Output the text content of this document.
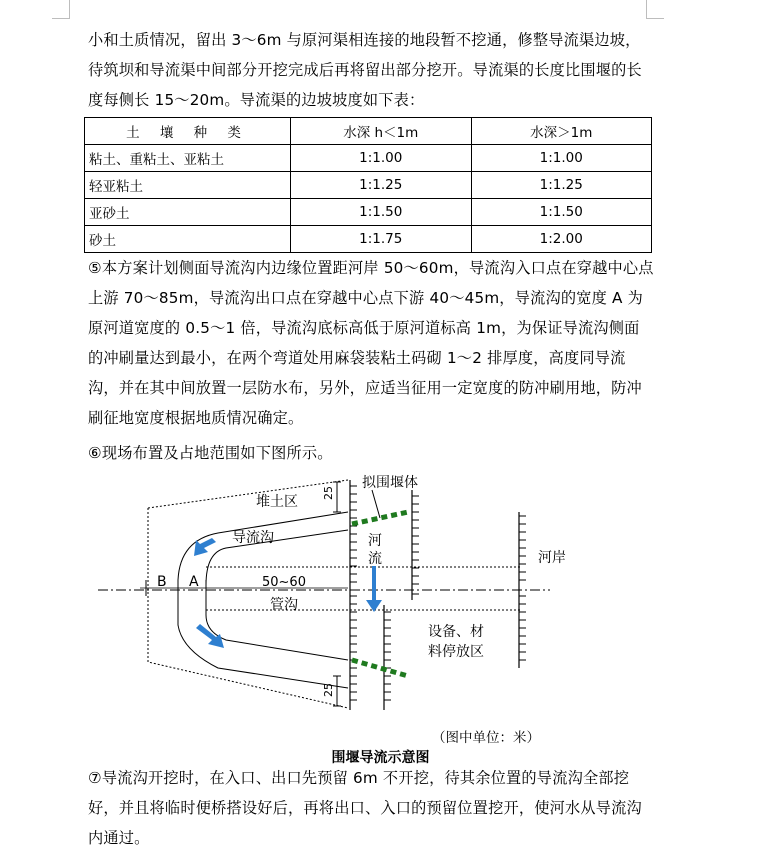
小和土质情况，留出 3～6m 与原河渠相连接的地段暂不挖通，修整导流渠边坡，待筑坝和导流渠中间部分开挖完成后再将留出部分挖开。导流渠的长度比围堰的长度每侧长 15～20m。导流渠的边坡坡度如下表：
土 壤 种 类	水深 h＜1m	水深＞1m
粘土、重粘土、亚粘土	1:1.00	1:1.00
轻亚粘土	1:1.25	1:1.25
亚砂土	1:1.50	1:1.50
砂土	1:1.75	1:2.00
⑤本方案计划侧面导流沟内边缘位置距河岸 50～60m，导流沟入口点在穿越中心点上游 70～85m，导流沟出口点在穿越中心点下游 40～45m，导流沟的宽度 A 为原河道宽度的 0.5～1 倍，导流沟底标高低于原河道标高 1m，为保证导流沟侧面的冲刷量达到最小，在两个弯道处用麻袋装粘土码砌 1～2 排厚度，高度同导流沟，并在其中间放置一层防水布，另外，应适当征用一定宽度的防冲刷用地，防冲刷征地宽度根据地质情况确定。
⑥现场布置及占地范围如下图所示。
堆土区
拟围堰体
导流沟	河
流	河岸
B A	50~60
管沟
设备、材
料停放区
25
25
（图中单位：米）
围堰导流示意图
⑦导流沟开挖时，在入口、出口先预留 6m 不开挖，待其余位置的导流沟全部挖好，并且将临时便桥搭设好后，再将出口、入口的预留位置挖开，使河水从导流沟内通过。
